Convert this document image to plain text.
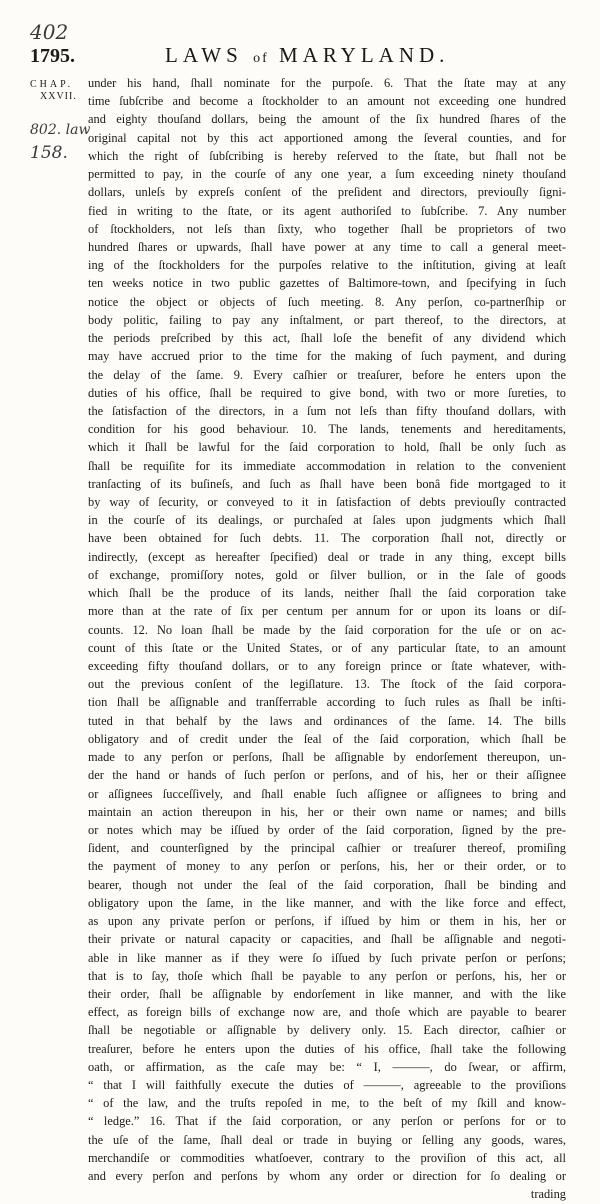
402
1795.	LAWS of MARYLAND.
CHAP.
XXVII.
802. law
158.
under his hand, ſhall nominate for the purpoſe. 6. That the ſtate may at any
time ſubſcribe and become a ſtockholder to an amount not exceeding one hundred
and eighty thouſand dollars, being the amount of the ſix hundred ſhares of the
original capital not by this act apportioned among the ſeveral counties, and for
which the right of ſubſcribing is hereby reſerved to the ſtate, but ſhall not be
permitted to pay, in the courſe of any one year, a ſum exceeding ninety thouſand
dollars, unleſs by expreſs conſent of the preſident and directors, previouſly ſigni-
fied in writing to the ſtate, or its agent authoriſed to ſubſcribe. 7. Any number
of ſtockholders, not leſs than ſixty, who together ſhall be proprietors of two
hundred ſhares or upwards, ſhall have power at any time to call a general meet-
ing of the ſtockholders for the purpoſes relative to the inſtitution, giving at leaſt
ten weeks notice in two public gazettes of Baltimore-town, and ſpecifying in ſuch
notice the object or objects of ſuch meeting. 8. Any perſon, co-partnerſhip or
body politic, failing to pay any inſtalment, or part thereof, to the directors, at
the periods preſcribed by this act, ſhall loſe the benefit of any dividend which
may have accrued prior to the time for the making of ſuch payment, and during
the delay of the ſame. 9. Every caſhier or treaſurer, before he enters upon the
duties of his office, ſhall be required to give bond, with two or more ſureties, to
the ſatisfaction of the directors, in a ſum not leſs than fifty thouſand dollars, with
condition for his good behaviour. 10. The lands, tenements and hereditaments,
which it ſhall be lawful for the ſaid corporation to hold, ſhall be only ſuch as
ſhall be requiſite for its immediate accommodation in relation to the convenient
tranſacting of its buſineſs, and ſuch as ſhall have been bonâ fide mortgaged to it
by way of ſecurity, or conveyed to it in ſatisfaction of debts previouſly contracted
in the courſe of its dealings, or purchaſed at ſales upon judgments which ſhall
have been obtained for ſuch debts. 11. The corporation ſhall not, directly or
indirectly, (except as hereafter ſpecified) deal or trade in any thing, except bills
of exchange, promiſſory notes, gold or ſilver bullion, or in the ſale of goods
which ſhall be the produce of its lands, neither ſhall the ſaid corporation take
more than at the rate of ſix per centum per annum for or upon its loans or diſ-
counts. 12. No loan ſhall be made by the ſaid corporation for the uſe or on ac-
count of this ſtate or the United States, or of any particular ſtate, to an amount
exceeding fifty thouſand dollars, or to any foreign prince or ſtate whatever, with-
out the previous conſent of the legiſlature. 13. The ſtock of the ſaid corpora-
tion ſhall be aſſignable and tranſferrable according to ſuch rules as ſhall be inſti-
tuted in that behalf by the laws and ordinances of the ſame. 14. The bills
obligatory and of credit under the ſeal of the ſaid corporation, which ſhall be
made to any perſon or perſons, ſhall be aſſignable by endorſement thereupon, un-
der the hand or hands of ſuch perſon or perſons, and of his, her or their aſſignee
or aſſignees ſucceſſively, and ſhall enable ſuch aſſignee or aſſignees to bring and
maintain an action thereupon in his, her or their own name or names; and bills
or notes which may be iſſued by order of the ſaid corporation, ſigned by the pre-
ſident, and counterſigned by the principal caſhier or treaſurer thereof, promiſing
the payment of money to any perſon or perſons, his, her or their order, or to
bearer, though not under the ſeal of the ſaid corporation, ſhall be binding and
obligatory upon the ſame, in the like manner, and with the like force and effect,
as upon any private perſon or perſons, if iſſued by him or them in his, her or
their private or natural capacity or capacities, and ſhall be aſſignable and negoti-
able in like manner as if they were ſo iſſued by ſuch private perſon or perſons;
that is to ſay, thoſe which ſhall be payable to any perſon or perſons, his, her or
their order, ſhall be aſſignable by endorſement in like manner, and with the like
effect, as foreign bills of exchange now are, and thoſe which are payable to bearer
ſhall be negotiable or aſſignable by delivery only. 15. Each director, caſhier or
treaſurer, before he enters upon the duties of his office, ſhall take the following
oath, or affirmation, as the caſe may be: “ I, ———, do ſwear, or affirm,
“ that I will faithfully execute the duties of ———, agreeable to the proviſions
“ of the law, and the truſts repoſed in me, to the beſt of my ſkill and know-
“ ledge.” 16. That if the ſaid corporation, or any perſon or perſons for or to
the uſe of the ſame, ſhall deal or trade in buying or ſelling any goods, wares,
merchandiſe or commodities whatſoever, contrary to the proviſion of this act, all
and every perſon and perſons by whom any order or direction for ſo dealing or
trading
